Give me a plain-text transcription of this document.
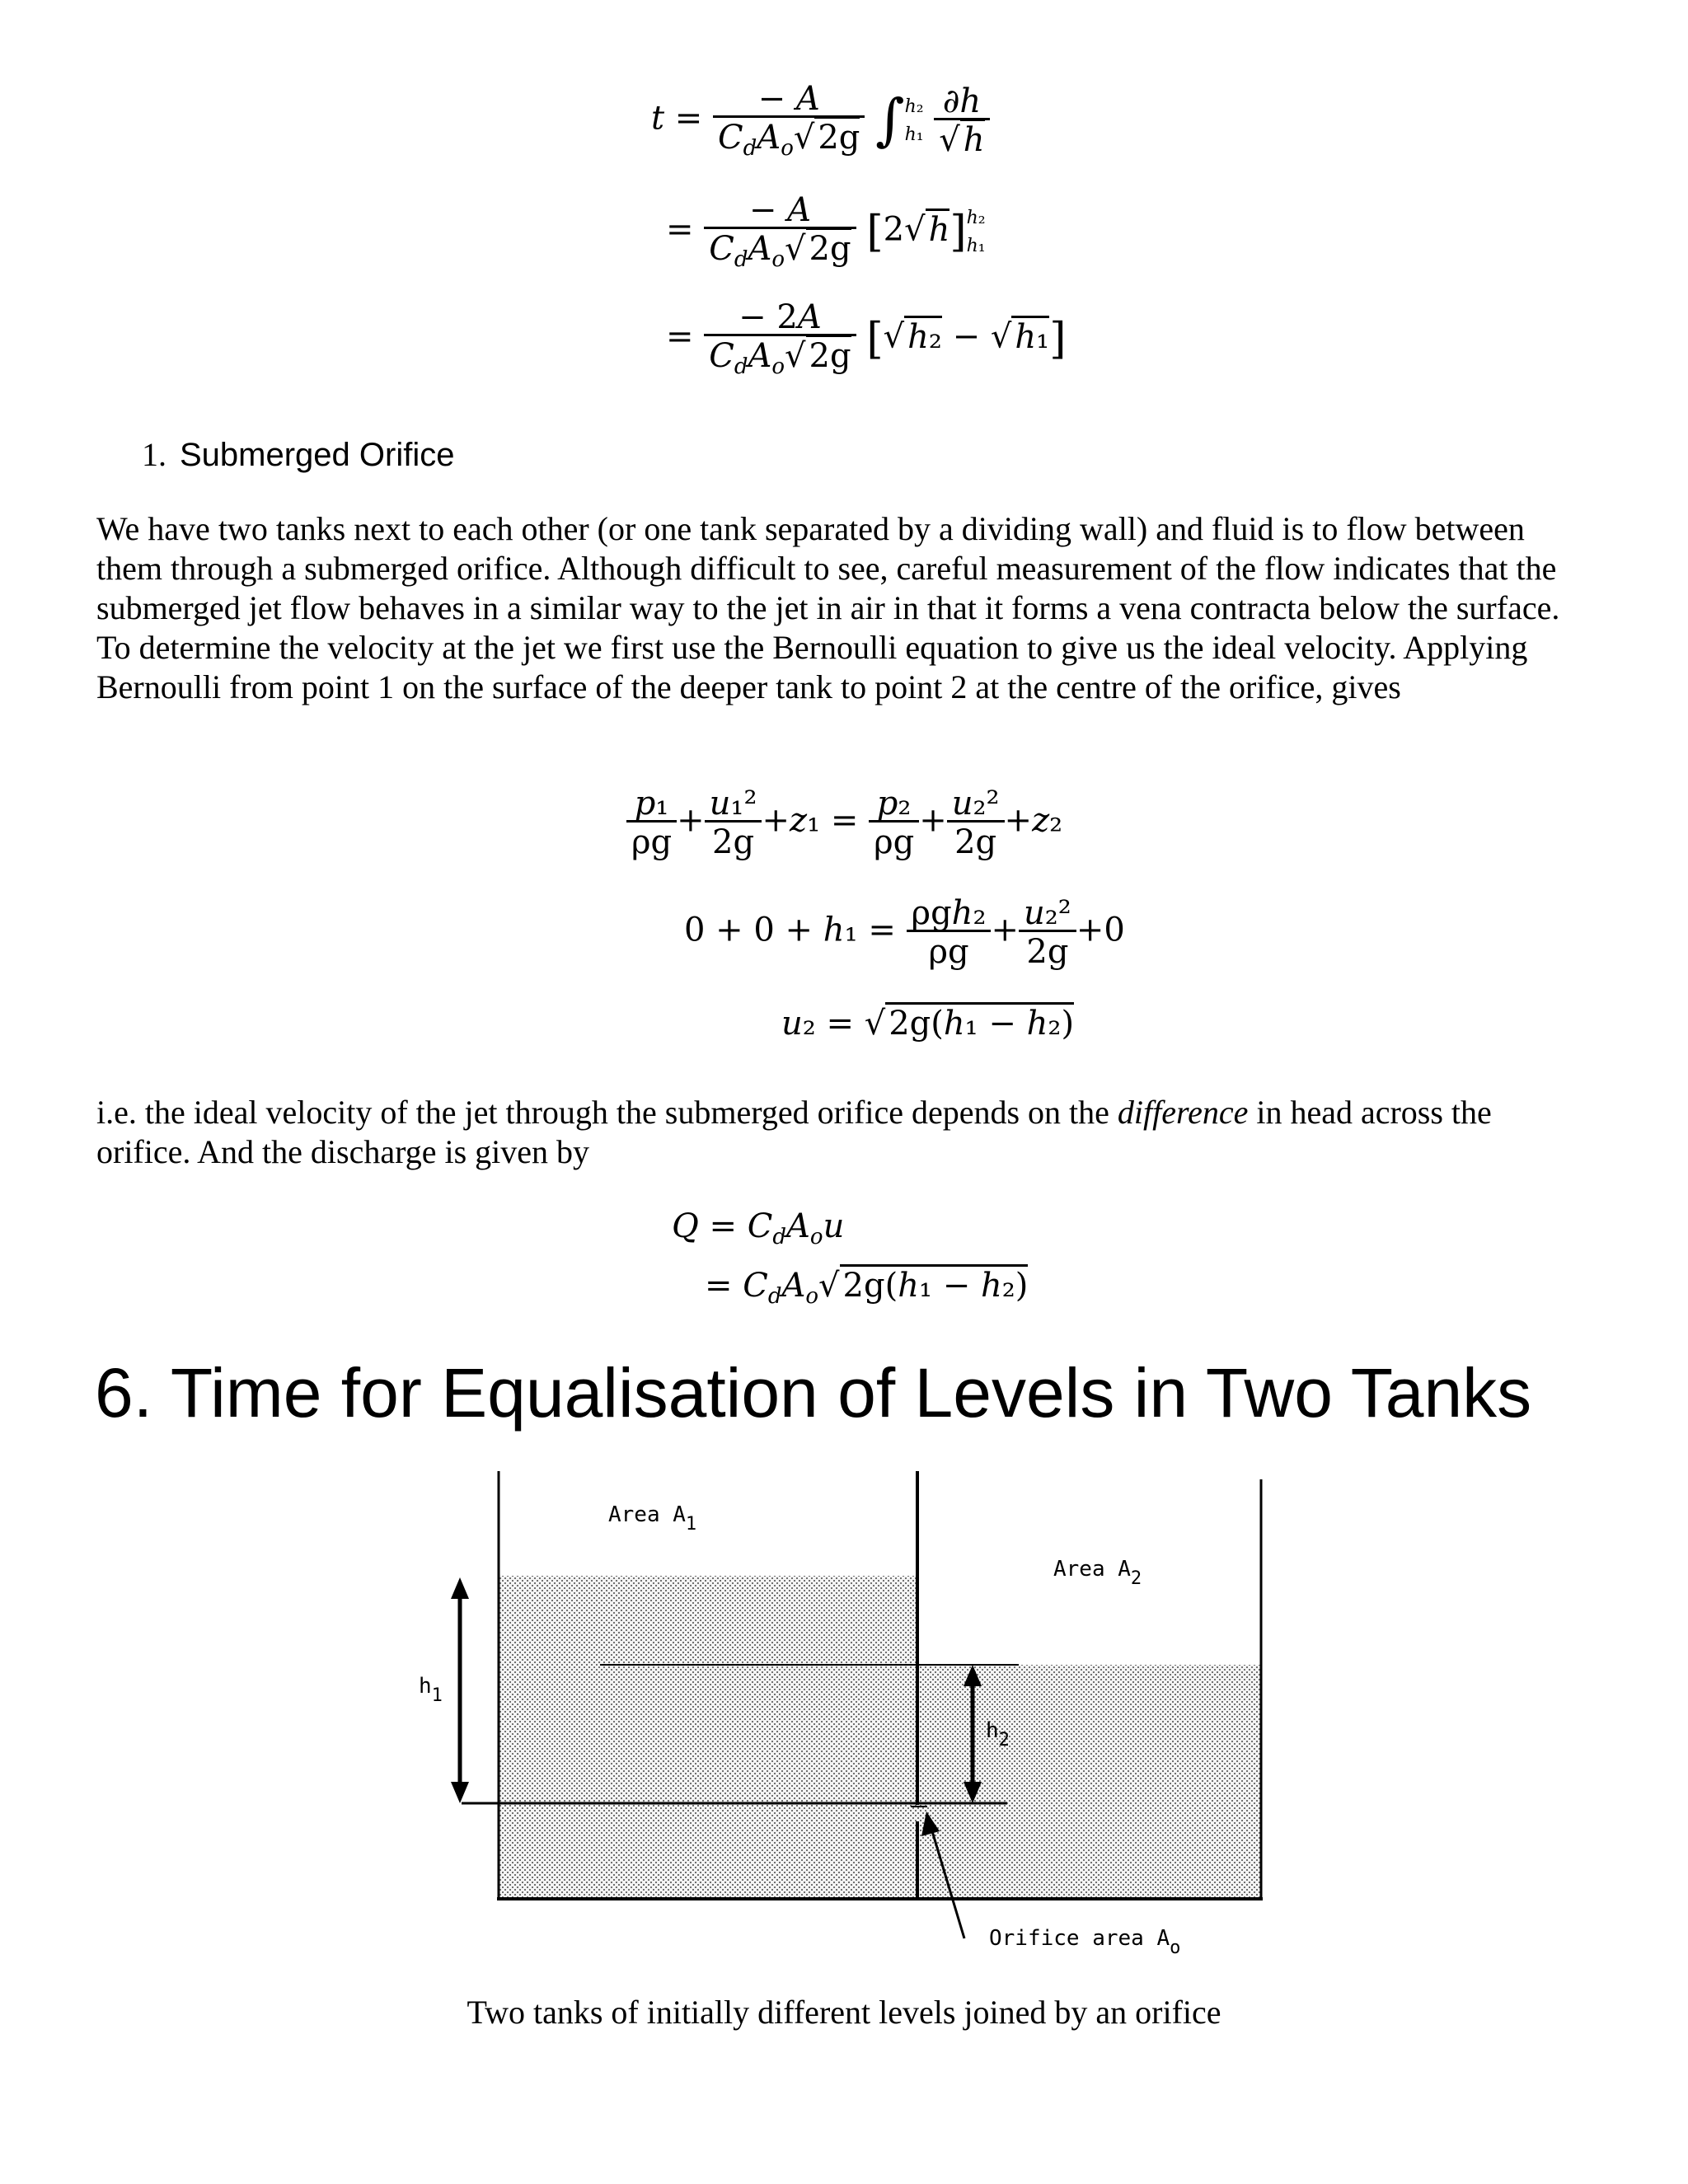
$t = \frac{- A}{C_dA_o√ 2g} \int h_2$
$h_1 \frac{\partial h}{√ h}$
= $\frac{- A}{C_dA_o√ 2g} [2√$ h]h₂
h₁
= $\frac{- 2A}{C_dA_o√ 2g}$ [√ h₂ − √ h₁]
1. Submerged Orifice
We have two tanks next to each other (or one tank separated by a dividing wall) and fluid is to flow between them through a submerged orifice. Although difficult to see, careful measurement of the flow indicates that the submerged jet flow behaves in a similar way to the jet in air in that it forms a vena contracta below the surface. To determine the velocity at the jet we first use the Bernoulli equation to give us the ideal velocity. Applying Bernoulli from point 1 on the surface of the deeper tank to point 2 at the centre of the orifice, gives
$\frac{\text{p₁}}{\rho g} + \frac{\text{u₁²}}{2g} +z_1 = \frac{\text{p₂}}{\rho g} + \frac{\text{u₂²}}{2g} +z_2$
$0 + 0 + h_1 = \frac{\text{ρgh₂}}{\rho g} + \frac{\text{u₂²}}{2g} +0$
u₂ = √ 2g(h₁ − h₂)
i.e. the ideal velocity of the jet through the submerged orifice depends on the difference in head across the orifice. And the discharge is given by
$Q = C_dA_ou$
= $C_dA_o√$ 2g(h₁ − h₂)
6. Time for Equalisation of Levels in Two Tanks
Area $A_1$
Area $A_2$
$h_1$
$h_2$
Orifice area $A_o$
Two tanks of initially different levels joined by an orifice
